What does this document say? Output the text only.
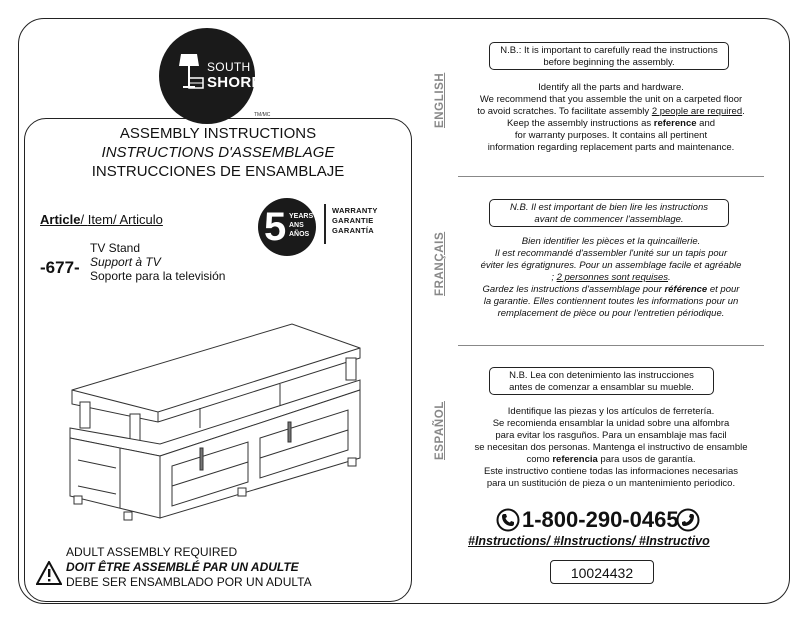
SOUTH
SHORE
TM/MC
ASSEMBLY INSTRUCTIONS
INSTRUCTIONS D'ASSEMBLAGE
INSTRUCCIONES DE ENSAMBLAJE
Article/ Item/ Articulo
-677-
TV Stand
Support à TV
Soporte para la televisión
5 YEARS
ANS
AÑOS
WARRANTY
GARANTIE
GARANTÍA
ADULT ASSEMBLY REQUIRED
DOIT ÊTRE ASSEMBLÉ PAR UN ADULTE
DEBE SER ENSAMBLADO POR UN ADULTA
ENGLISH
FRANÇAIS
ESPAÑOL
N.B.: It is important to carefully read the instructions
before beginning the assembly.
Identify all the parts and hardware.
We recommend that you assemble the unit on a carpeted floor
to avoid scratches. To facilitate assembly 2 people are required.
Keep the assembly instructions as reference and
for warranty purposes. It contains all pertinent
information regarding replacement parts and maintenance.
N.B. Il est important de bien lire les instructions
avant de commencer l'assemblage.
Bien identifier les pièces et la quincaillerie.
Il est recommandé d'assembler l'unité sur un tapis pour
éviter les égratignures. Pour un assemblage facile et agréable
; 2 personnes sont requises.
Gardez les instructions d'assemblage pour référence et pour
la garantie. Elles contiennent toutes les informations pour un
remplacement de pièce ou pour l'entretien périodique.
N.B. Lea con detenimiento las instrucciones
antes de comenzar a ensamblar su mueble.
Identifique las piezas y los artículos de ferretería.
Se recomienda ensamblar la unidad sobre una alfombra
para evitar los rasguños. Para un ensamblaje mas facil
se necesitan dos personas. Mantenga el instructivo de ensamble
como referencia para usos de garantía.
Este instructivo contiene todas las informaciones necesarias
para un sustitución de pieza o un mantenimiento periodico.
1-800-290-0465
#Instructions/ #Instructions/ #Instructivo
10024432
